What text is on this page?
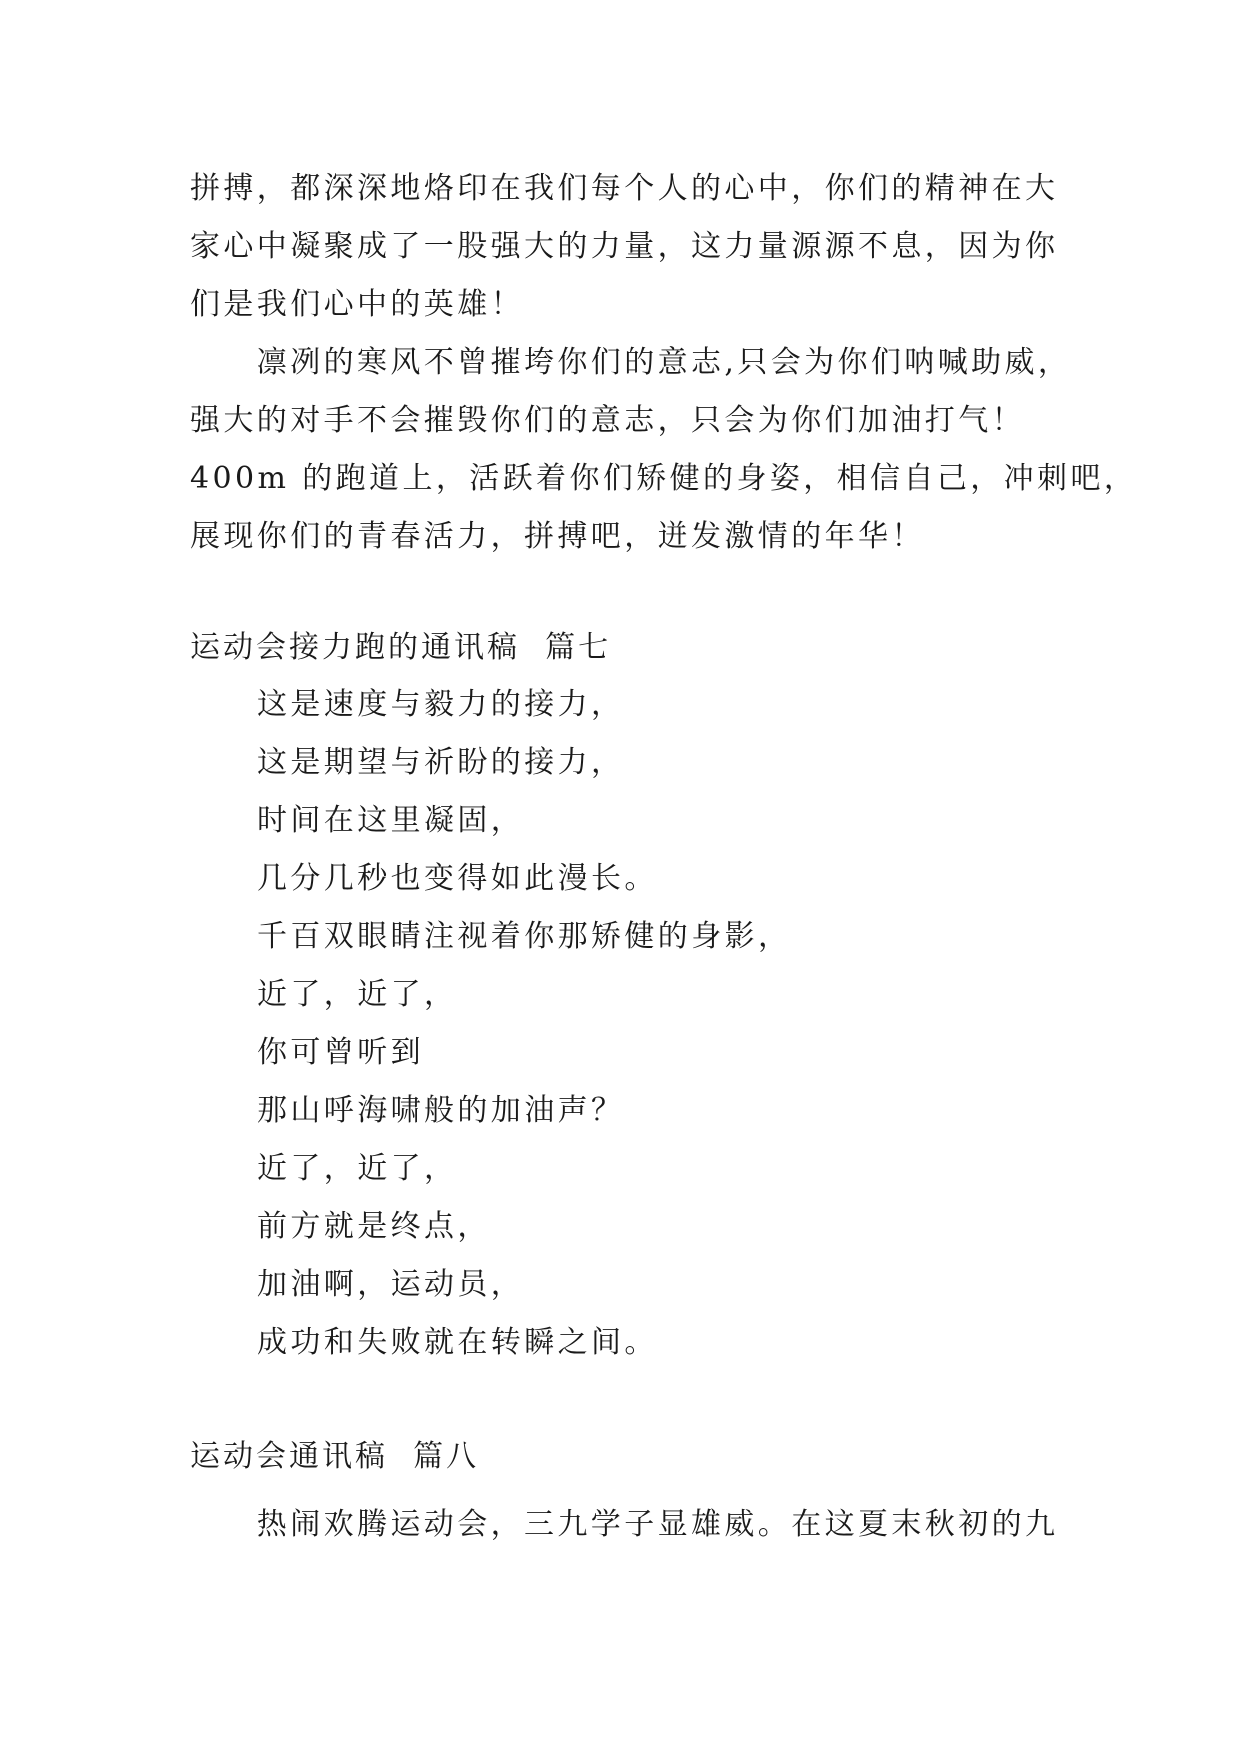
拼搏，都深深地烙印在我们每个人的心中，你们的精神在大
家心中凝聚成了一股强大的力量，这力量源源不息，因为你
们是我们心中的英雄！

　　凛冽的寒风不曾摧垮你们的意志,只会为你们呐喊助威，
强大的对手不会摧毁你们的意志，只会为你们加油打气！
400m 的跑道上，活跃着你们矫健的身姿，相信自己，冲刺吧，
展现你们的青春活力，拼搏吧，迸发激情的年华！

运动会接力跑的通讯稿  篇七
这是速度与毅力的接力，
这是期望与祈盼的接力，
时间在这里凝固，
几分几秒也变得如此漫长。
千百双眼睛注视着你那矫健的身影，
近了，近了，
你可曾听到
那山呼海啸般的加油声？
近了，近了，
前方就是终点，
加油啊，运动员，
成功和失败就在转瞬之间。
运动会通讯稿  篇八

　　热闹欢腾运动会，三九学子显雄威。在这夏末秋初的九
